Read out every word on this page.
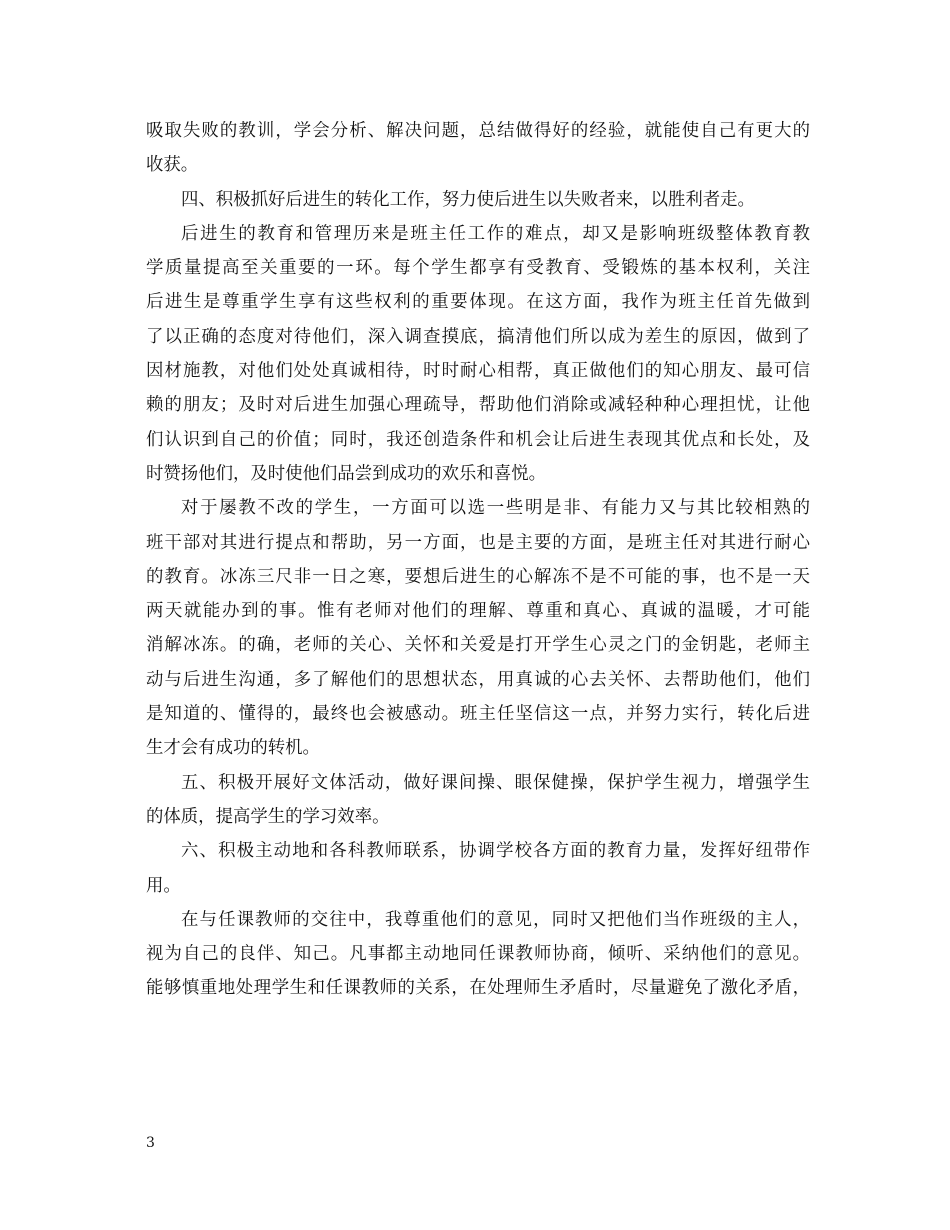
吸取失败的教训，学会分析、解决问题，总结做得好的经验，就能使自己有更大的
收获。
四、积极抓好后进生的转化工作，努力使后进生以失败者来，以胜利者走。
后进生的教育和管理历来是班主任工作的难点，却又是影响班级整体教育教
学质量提高至关重要的一环。每个学生都享有受教育、受锻炼的基本权利，关注
后进生是尊重学生享有这些权利的重要体现。在这方面，我作为班主任首先做到
了以正确的态度对待他们，深入调查摸底，搞清他们所以成为差生的原因，做到了
因材施教，对他们处处真诚相待，时时耐心相帮，真正做他们的知心朋友、最可信
赖的朋友；及时对后进生加强心理疏导，帮助他们消除或减轻种种心理担忧，让他
们认识到自己的价值；同时，我还创造条件和机会让后进生表现其优点和长处，及
时赞扬他们，及时使他们品尝到成功的欢乐和喜悦。
对于屡教不改的学生，一方面可以选一些明是非、有能力又与其比较相熟的
班干部对其进行提点和帮助，另一方面，也是主要的方面，是班主任对其进行耐心
的教育。冰冻三尺非一日之寒，要想后进生的心解冻不是不可能的事，也不是一天
两天就能办到的事。惟有老师对他们的理解、尊重和真心、真诚的温暖，才可能
消解冰冻。的确，老师的关心、关怀和关爱是打开学生心灵之门的金钥匙，老师主
动与后进生沟通，多了解他们的思想状态，用真诚的心去关怀、去帮助他们，他们
是知道的、懂得的，最终也会被感动。班主任坚信这一点，并努力实行，转化后进
生才会有成功的转机。
五、积极开展好文体活动，做好课间操、眼保健操，保护学生视力，增强学生
的体质，提高学生的学习效率。
六、积极主动地和各科教师联系，协调学校各方面的教育力量，发挥好纽带作
用。
在与任课教师的交往中，我尊重他们的意见，同时又把他们当作班级的主人，
视为自己的良伴、知己。凡事都主动地同任课教师协商，倾听、采纳他们的意见。
能够慎重地处理学生和任课教师的关系，在处理师生矛盾时，尽量避免了激化矛盾，
3
